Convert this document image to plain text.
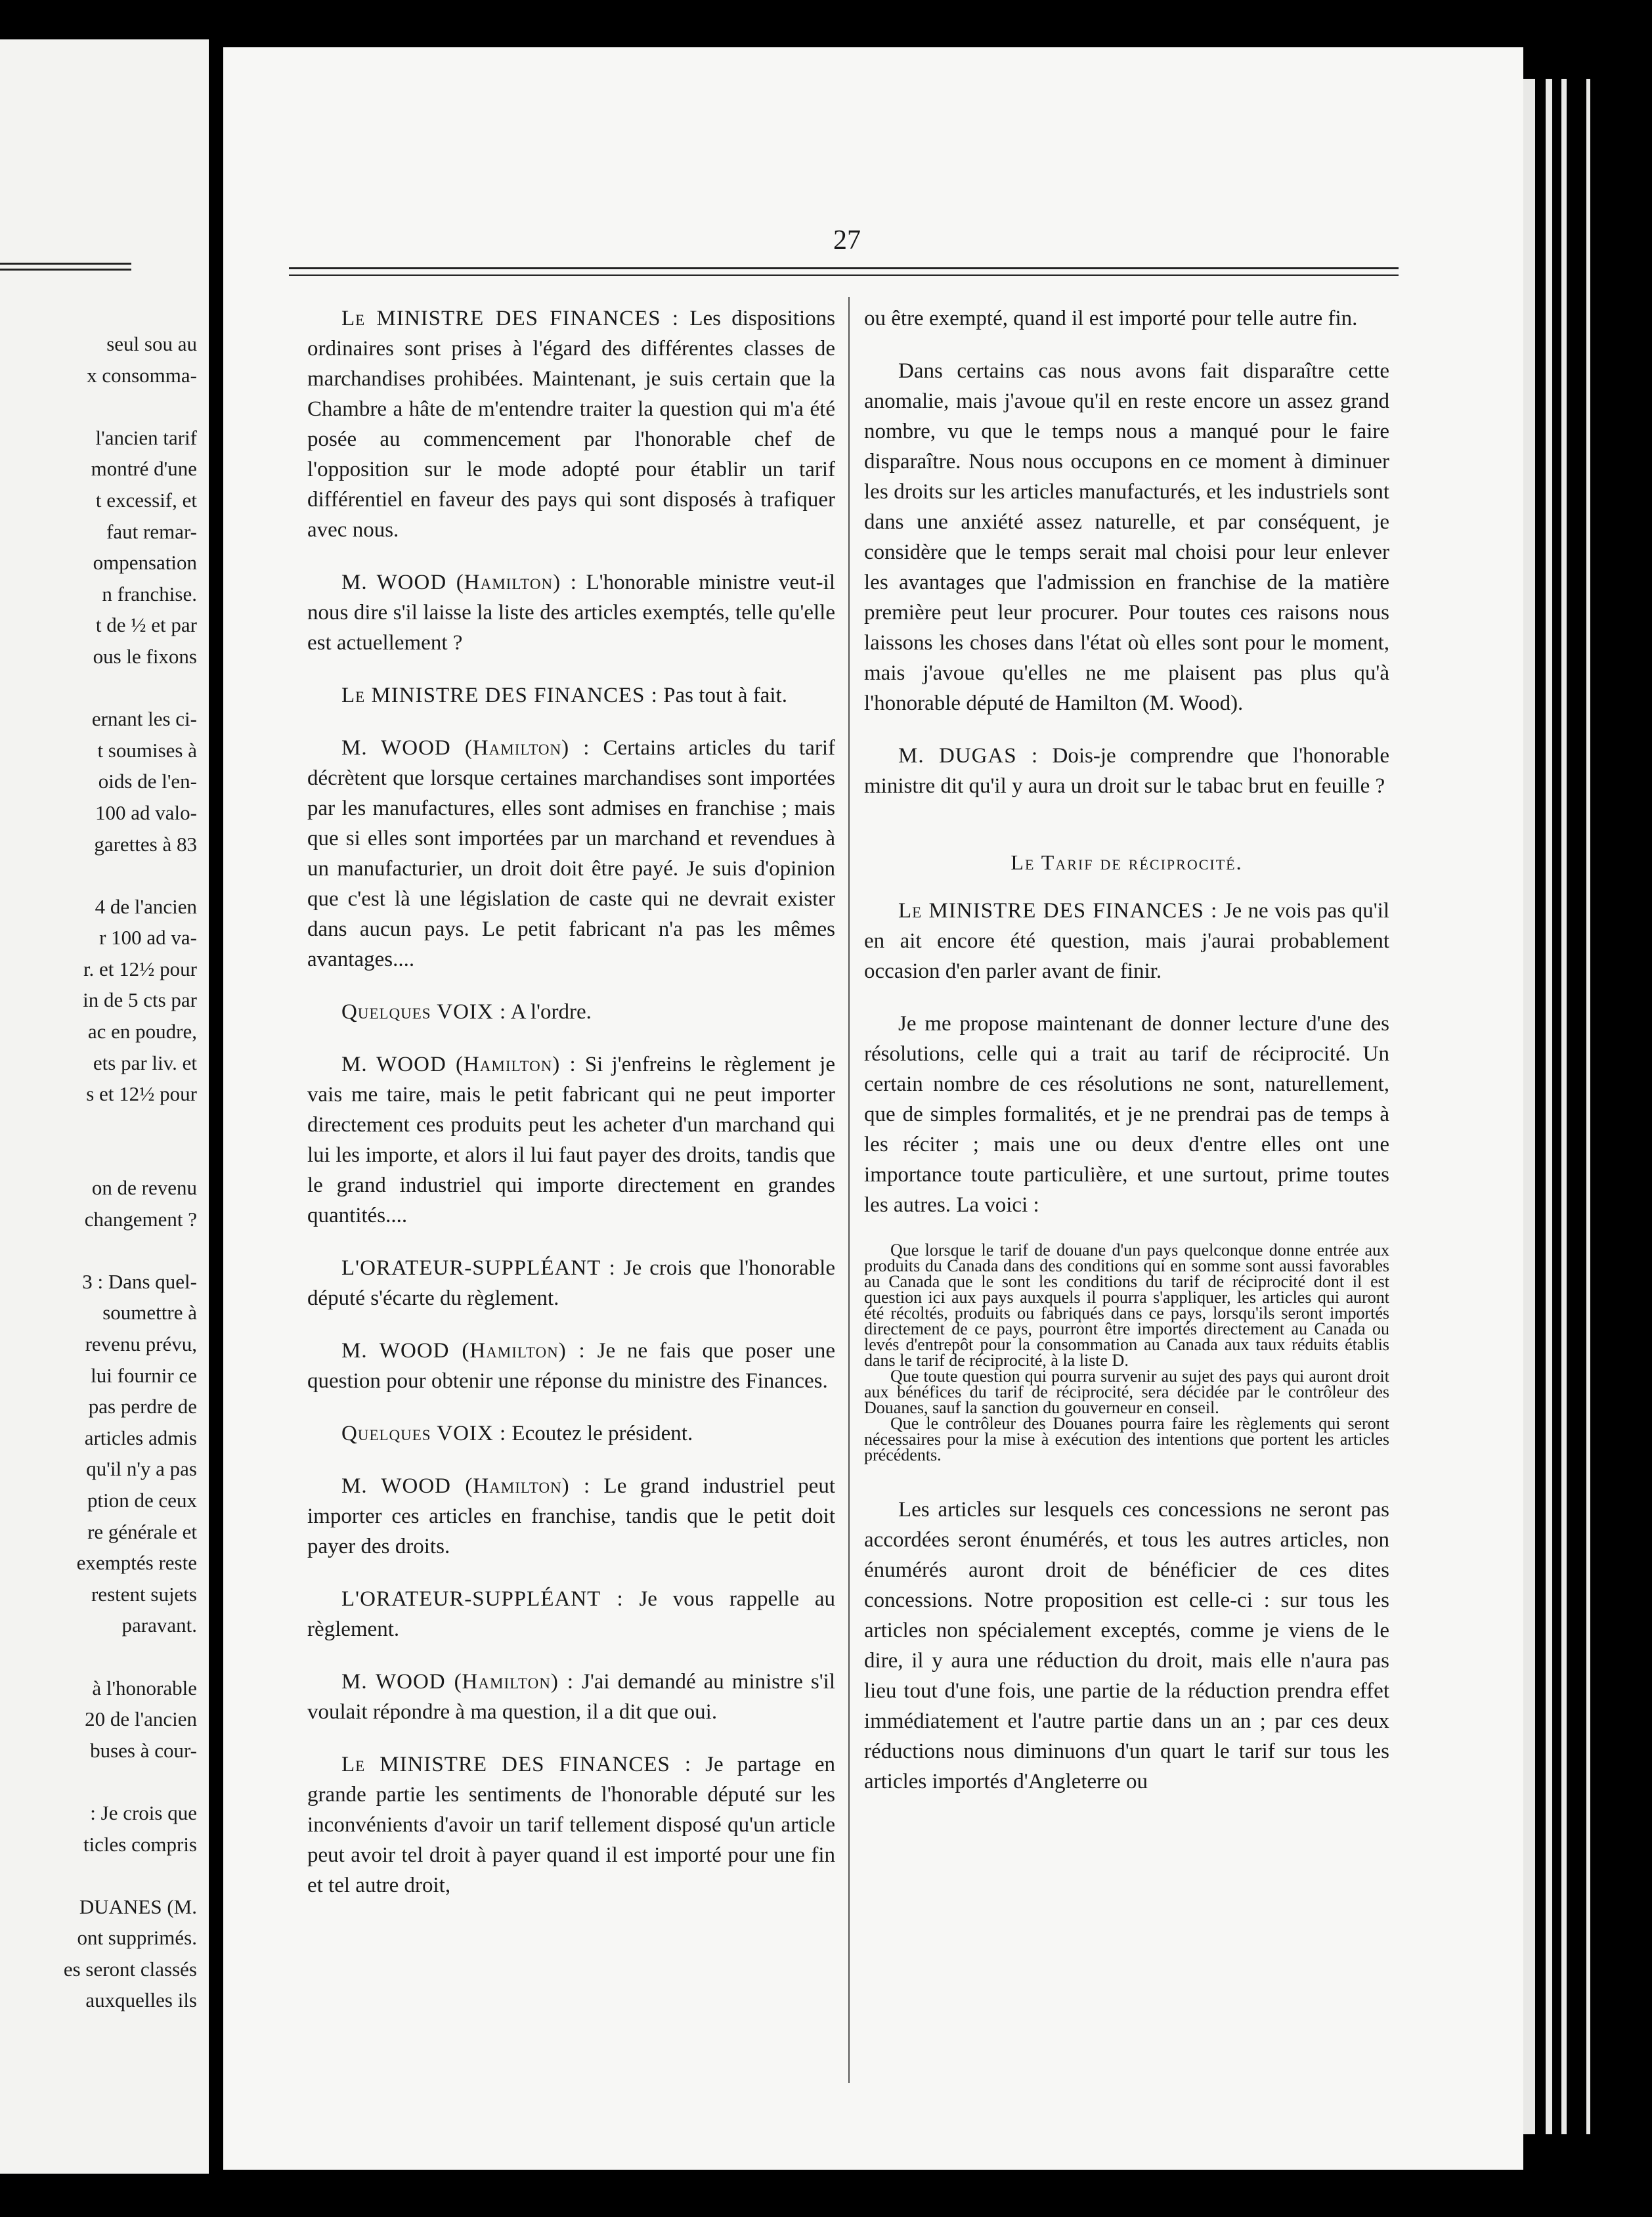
seul sou au
x consomma-

l'ancien tarif
montré d'une
t excessif, et
faut remar-
ompensation
n franchise.
t de ½ et par
ous le fixons

ernant les ci-
t soumises à
oids de l'en-
100 ad valo-
garettes à 83

4 de l'ancien
r 100 ad va-
r. et 12½ pour
in de 5 cts par
ac en poudre,
ets par liv. et
s et 12½ pour

on de revenu
changement ?

3 : Dans quel-
soumettre à
revenu prévu,
lui fournir ce
pas perdre de
articles admis
qu'il n'y a pas
ption de ceux
re générale et
exemptés reste
restent sujets
paravant.

à l'honorable
20 de l'ancien
buses à cour-

: Je crois que
ticles compris

DUANES (M.
ont supprimés.
es seront classés
auxquelles ils

27

Le MINISTRE DES FINANCES : Les dispositions ordinaires sont prises à l'égard des différentes classes de marchandises prohibées. Maintenant, je suis certain que la Chambre a hâte de m'entendre traiter la question qui m'a été posée au commencement par l'honorable chef de l'opposition sur le mode adopté pour établir un tarif différentiel en faveur des pays qui sont disposés à trafiquer avec nous.

M. WOOD (Hamilton) : L'honorable ministre veut-il nous dire s'il laisse la liste des articles exemptés, telle qu'elle est actuellement ?

Le MINISTRE DES FINANCES : Pas tout à fait.

M. WOOD (Hamilton) : Certains articles du tarif décrètent que lorsque certaines marchandises sont importées par les manufactures, elles sont admises en franchise ; mais que si elles sont importées par un marchand et revendues à un manufacturier, un droit doit être payé. Je suis d'opinion que c'est là une législation de caste qui ne devrait exister dans aucun pays. Le petit fabricant n'a pas les mêmes avantages....

Quelques VOIX : A l'ordre.

M. WOOD (Hamilton) : Si j'enfreins le règlement je vais me taire, mais le petit fabricant qui ne peut importer directement ces produits peut les acheter d'un marchand qui lui les importe, et alors il lui faut payer des droits, tandis que le grand industriel qui importe directement en grandes quantités....

L'ORATEUR-SUPPLÉANT : Je crois que l'honorable député s'écarte du règlement.

M. WOOD (Hamilton) : Je ne fais que poser une question pour obtenir une réponse du ministre des Finances.

Quelques VOIX : Ecoutez le président.

M. WOOD (Hamilton) : Le grand industriel peut importer ces articles en franchise, tandis que le petit doit payer des droits.

L'ORATEUR-SUPPLÉANT : Je vous rappelle au règlement.

M. WOOD (Hamilton) : J'ai demandé au ministre s'il voulait répondre à ma question, il a dit que oui.

Le MINISTRE DES FINANCES : Je partage en grande partie les sentiments de l'honorable député sur les inconvénients d'avoir un tarif tellement disposé qu'un article peut avoir tel droit à payer quand il est importé pour une fin et tel autre droit,

ou être exempté, quand il est importé pour telle autre fin.

Dans certains cas nous avons fait disparaître cette anomalie, mais j'avoue qu'il en reste encore un assez grand nombre, vu que le temps nous a manqué pour le faire disparaître. Nous nous occupons en ce moment à diminuer les droits sur les articles manufacturés, et les industriels sont dans une anxiété assez naturelle, et par conséquent, je considère que le temps serait mal choisi pour leur enlever les avantages que l'admission en franchise de la matière première peut leur procurer. Pour toutes ces raisons nous laissons les choses dans l'état où elles sont pour le moment, mais j'avoue qu'elles ne me plaisent pas plus qu'à l'honorable député de Hamilton (M. Wood).

M. DUGAS : Dois-je comprendre que l'honorable ministre dit qu'il y aura un droit sur le tabac brut en feuille ?

Le Tarif de réciprocité.

Le MINISTRE DES FINANCES : Je ne vois pas qu'il en ait encore été question, mais j'aurai probablement occasion d'en parler avant de finir.

Je me propose maintenant de donner lecture d'une des résolutions, celle qui a trait au tarif de réciprocité. Un certain nombre de ces résolutions ne sont, naturellement, que de simples formalités, et je ne prendrai pas de temps à les réciter ; mais une ou deux d'entre elles ont une importance toute particulière, et une surtout, prime toutes les autres. La voici :

Que lorsque le tarif de douane d'un pays quelconque donne entrée aux produits du Canada dans des conditions qui en somme sont aussi favorables au Canada que le sont les conditions du tarif de réciprocité dont il est question ici aux pays auxquels il pourra s'appliquer, les articles qui auront été récoltés, produits ou fabriqués dans ce pays, lorsqu'ils seront importés directement de ce pays, pourront être importés directement au Canada ou levés d'entrepôt pour la consommation au Canada aux taux réduits établis dans le tarif de réciprocité, à la liste D.

Que toute question qui pourra survenir au sujet des pays qui auront droit aux bénéfices du tarif de réciprocité, sera décidée par le contrôleur des Douanes, sauf la sanction du gouverneur en conseil.

Que le contrôleur des Douanes pourra faire les règlements qui seront nécessaires pour la mise à exécution des intentions que portent les articles précédents.

Les articles sur lesquels ces concessions ne seront pas accordées seront énumérés, et tous les autres articles, non énumérés auront droit de bénéficier de ces dites concessions. Notre proposition est celle-ci : sur tous les articles non spécialement exceptés, comme je viens de le dire, il y aura une réduction du droit, mais elle n'aura pas lieu tout d'une fois, une partie de la réduction prendra effet immédiatement et l'autre partie dans un an ; par ces deux réductions nous diminuons d'un quart le tarif sur tous les articles importés d'Angleterre ou
